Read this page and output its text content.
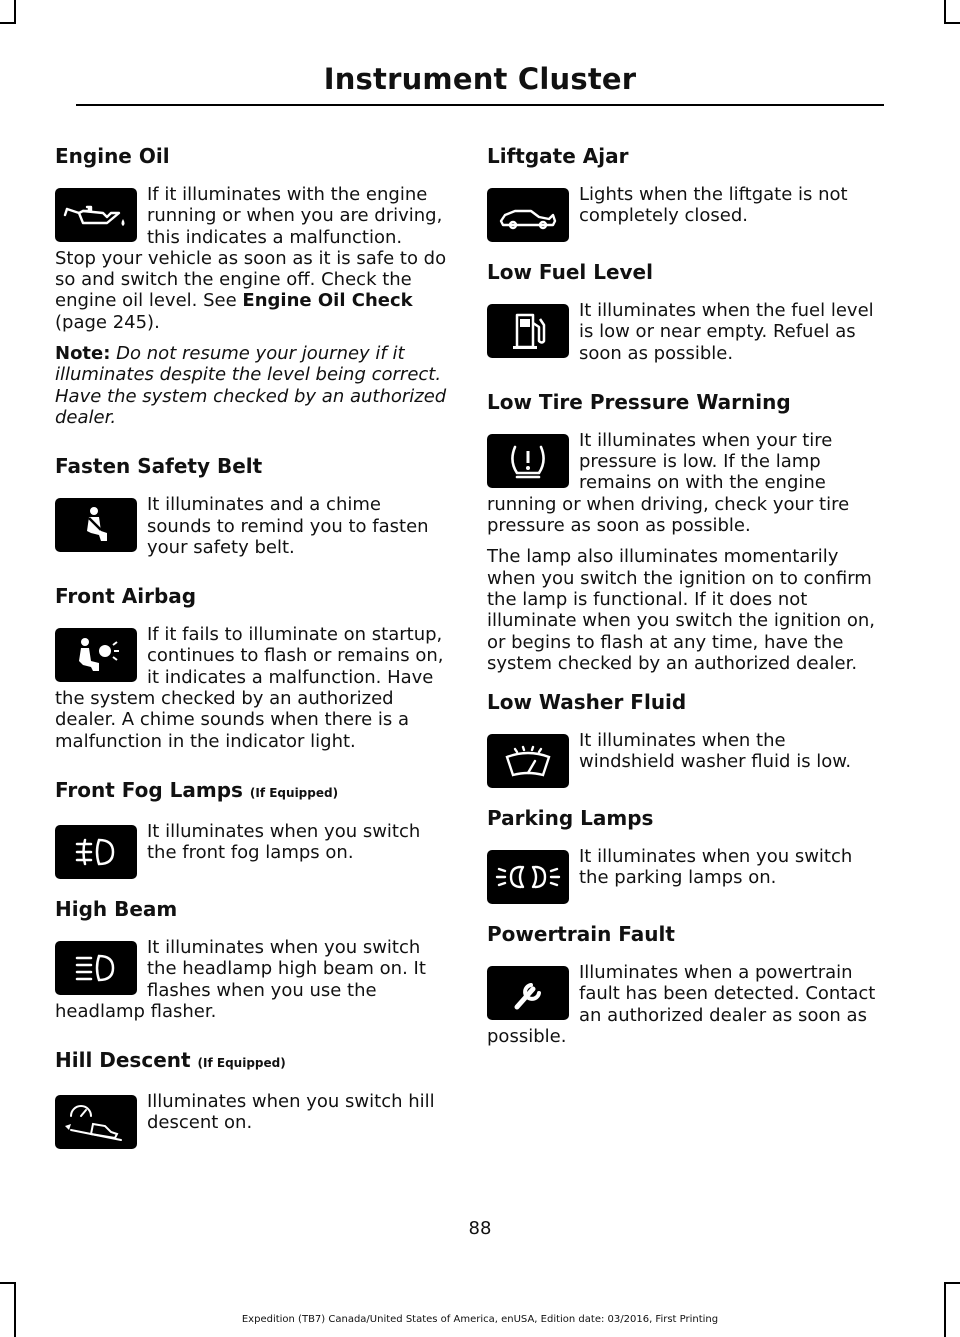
Instrument Cluster
Engine Oil

If it illuminates with the engine running or when you are driving, this indicates a malfunction. Stop your vehicle as soon as it is safe to do so and switch the engine off. Check the engine oil level. See Engine Oil Check (page 245).

Note: Do not resume your journey if it illuminates despite the level being correct. Have the system checked by an authorized dealer.

Fasten Safety Belt

It illuminates and a chime sounds to remind you to fasten your safety belt.

Front Airbag

If it fails to illuminate on startup, continues to flash or remains on, it indicates a malfunction. Have the system checked by an authorized dealer. A chime sounds when there is a malfunction in the indicator light.

Front Fog Lamps (If Equipped)

It illuminates when you switch the front fog lamps on.

High Beam

It illuminates when you switch the headlamp high beam on. It flashes when you use the headlamp flasher.

Hill Descent (If Equipped)

Illuminates when you switch hill descent on.

Liftgate Ajar

Lights when the liftgate is not completely closed.

Low Fuel Level

It illuminates when the fuel level is low or near empty. Refuel as soon as possible.

Low Tire Pressure Warning

It illuminates when your tire pressure is low. If the lamp remains on with the engine running or when driving, check your tire pressure as soon as possible.

The lamp also illuminates momentarily when you switch the ignition on to confirm the lamp is functional. If it does not illuminate when you switch the ignition on, or begins to flash at any time, have the system checked by an authorized dealer.

Low Washer Fluid

It illuminates when the windshield washer fluid is low.

Parking Lamps

It illuminates when you switch the parking lamps on.

Powertrain Fault

Illuminates when a powertrain fault has been detected. Contact an authorized dealer as soon as possible.

88
Expedition (TB7) Canada/United States of America, enUSA, Edition date: 03/2016, First Printing
